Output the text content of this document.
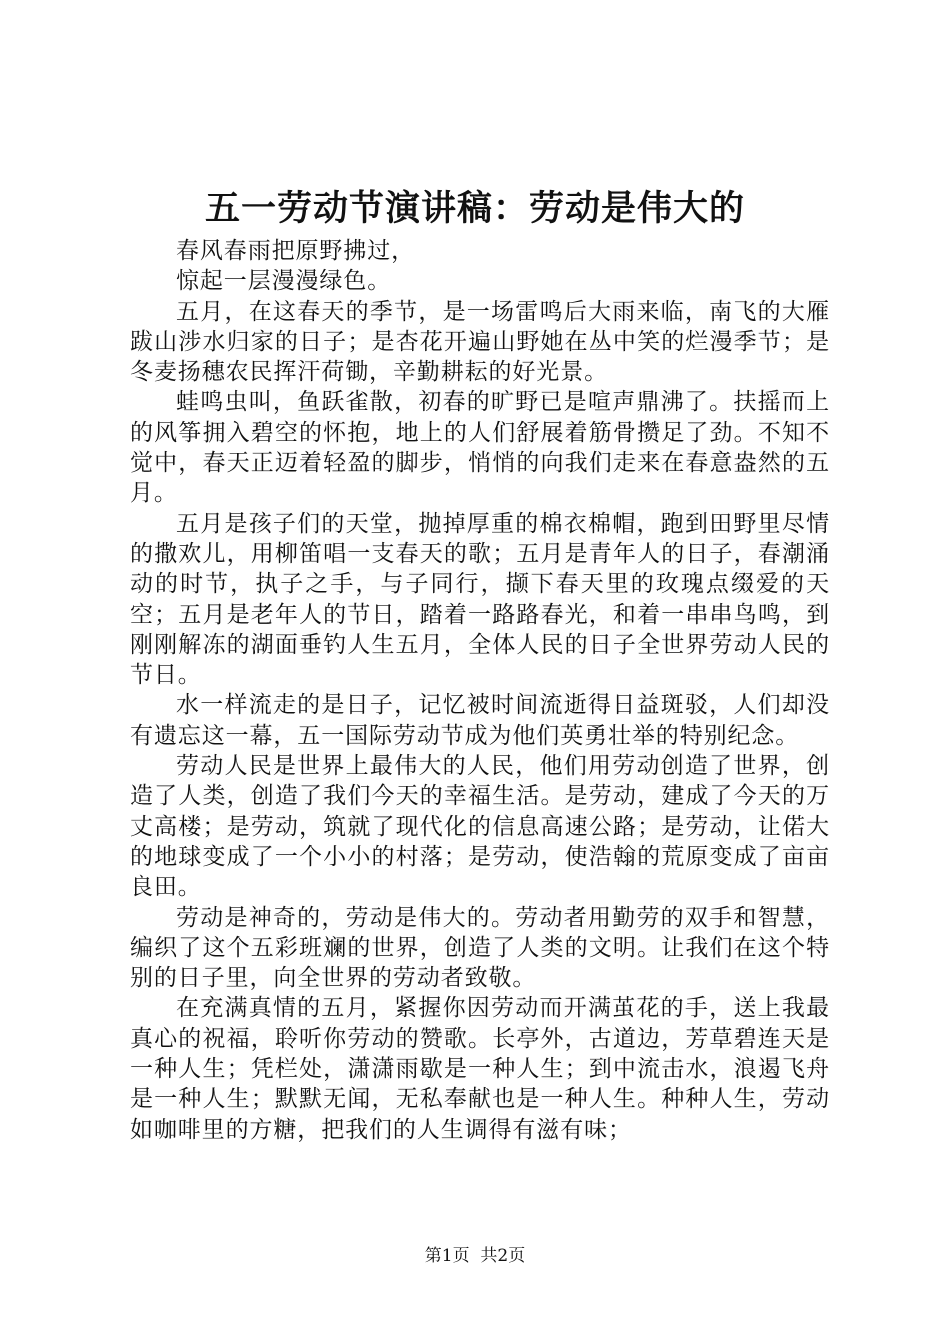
五一劳动节演讲稿：劳动是伟大的

春风春雨把原野拂过，

惊起一层漫漫绿色。

五月，在这春天的季节，是一场雷鸣后大雨来临，南飞的大雁跋山涉水归家的日子；是杏花开遍山野她在丛中笑的烂漫季节；是冬麦扬穗农民挥汗荷锄，辛勤耕耘的好光景。

蛙鸣虫叫，鱼跃雀散，初春的旷野已是喧声鼎沸了。扶摇而上的风筝拥入碧空的怀抱，地上的人们舒展着筋骨攒足了劲。不知不觉中，春天正迈着轻盈的脚步，悄悄的向我们走来在春意盎然的五月。

五月是孩子们的天堂，抛掉厚重的棉衣棉帽，跑到田野里尽情的撒欢儿，用柳笛唱一支春天的歌；五月是青年人的日子，春潮涌动的时节，执子之手，与子同行，撷下春天里的玫瑰点缀爱的天空；五月是老年人的节日，踏着一路路春光，和着一串串鸟鸣，到刚刚解冻的湖面垂钓人生五月，全体人民的日子全世界劳动人民的节日。

水一样流走的是日子，记忆被时间流逝得日益斑驳，人们却没有遗忘这一幕，五一国际劳动节成为他们英勇壮举的特别纪念。

劳动人民是世界上最伟大的人民，他们用劳动创造了世界，创造了人类，创造了我们今天的幸福生活。是劳动，建成了今天的万丈高楼；是劳动，筑就了现代化的信息高速公路；是劳动，让偌大的地球变成了一个小小的村落；是劳动，使浩翰的荒原变成了亩亩良田。

劳动是神奇的，劳动是伟大的。劳动者用勤劳的双手和智慧，编织了这个五彩班斓的世界，创造了人类的文明。让我们在这个特别的日子里，向全世界的劳动者致敬。

在充满真情的五月，紧握你因劳动而开满茧花的手，送上我最真心的祝福，聆听你劳动的赞歌。长亭外，古道边，芳草碧连天是一种人生；凭栏处，潇潇雨歇是一种人生；到中流击水，浪遏飞舟是一种人生；默默无闻，无私奉献也是一种人生。种种人生，劳动如咖啡里的方糖，把我们的人生调得有滋有味；

第1页 共2页
